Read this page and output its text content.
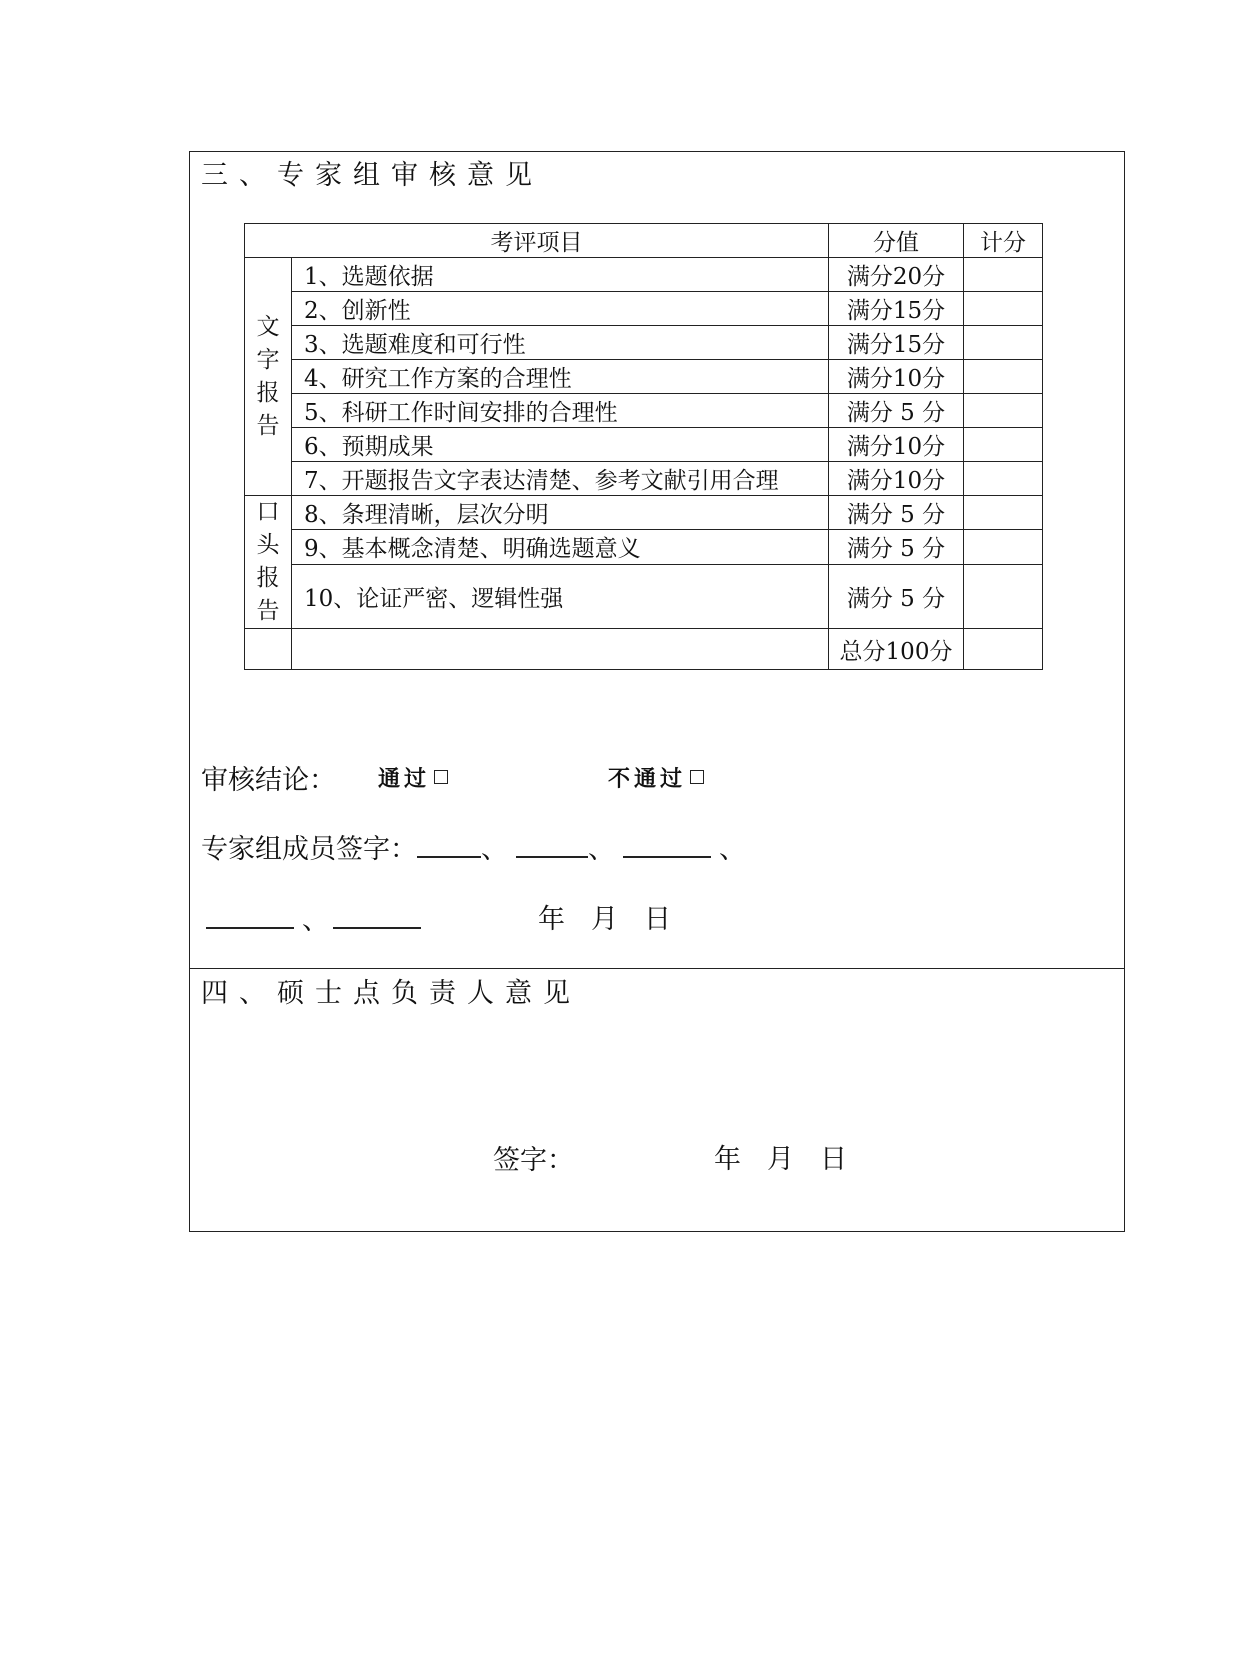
三、专家组审核意见
考评项目		分值	计分
文
字
报
告	1、选题依据	满分20分	
	2、创新性	满分15分	
	3、选题难度和可行性	满分15分	
	4、研究工作方案的合理性	满分10分	
	5、科研工作时间安排的合理性	满分 5 分	
	6、预期成果	满分10分	
	7、开题报告文字表达清楚、参考文献引用合理	满分10分	
口
头
报
告	8、条理清晰，层次分明	满分 5 分	
	9、基本概念清楚、明确选题意义	满分 5 分	
	10、论证严密、逻辑性强	满分 5 分	
		总分100分	
审核结论： 通过	不通过
专家组成员签字： 、	、	、
、	年 月 日
四、硕士点负责人意见
签字：	年 月 日
